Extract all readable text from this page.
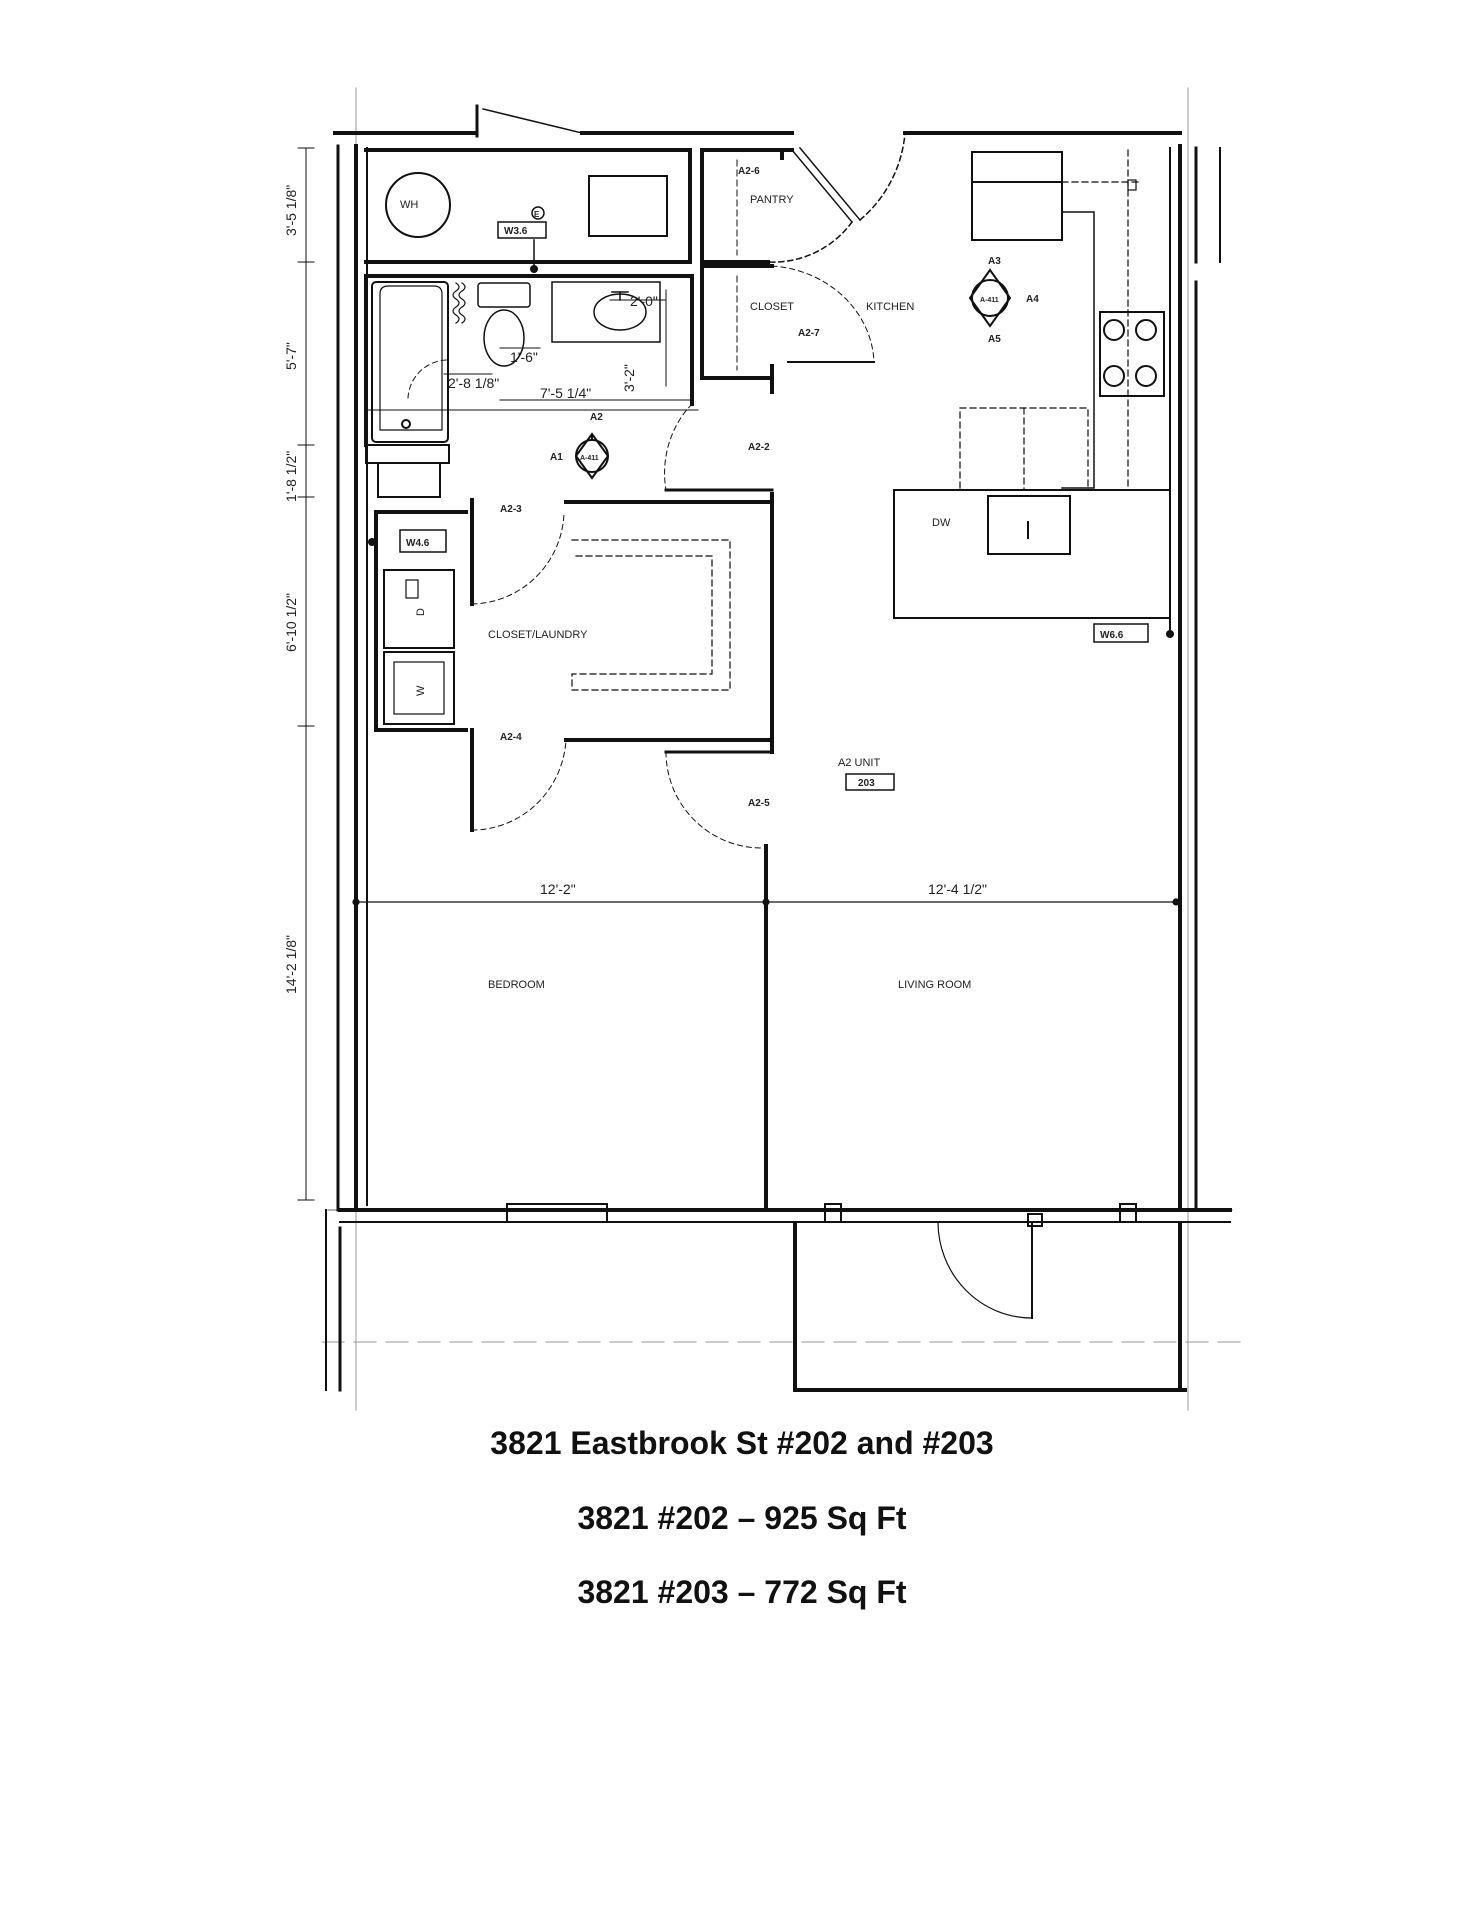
WH	PANTRY
CLOSET	KITCHEN
CLOSET/LAUNDRY
BEDROOM	LIVING ROOM
A2 UNIT
203
DW
D
W
W3.6
W4.6
W6.6
A1
A2
A3
A4
A5
A-411
A-411
A2-2
A2-3
A2-4
A2-5
A2-6
A2-7
E
3'-5 1/8"
5'-7"
1'-8 1/2"
6'-10 1/2"
14'-2 1/8"
2'-0"
1'-6"
2'-8 1/8"
7'-5 1/4"
3'-2"
12'-2"	12'-4 1/2"
3821 Eastbrook St #202 and #203
3821 #202 – 925 Sq Ft
3821 #203 – 772 Sq Ft
